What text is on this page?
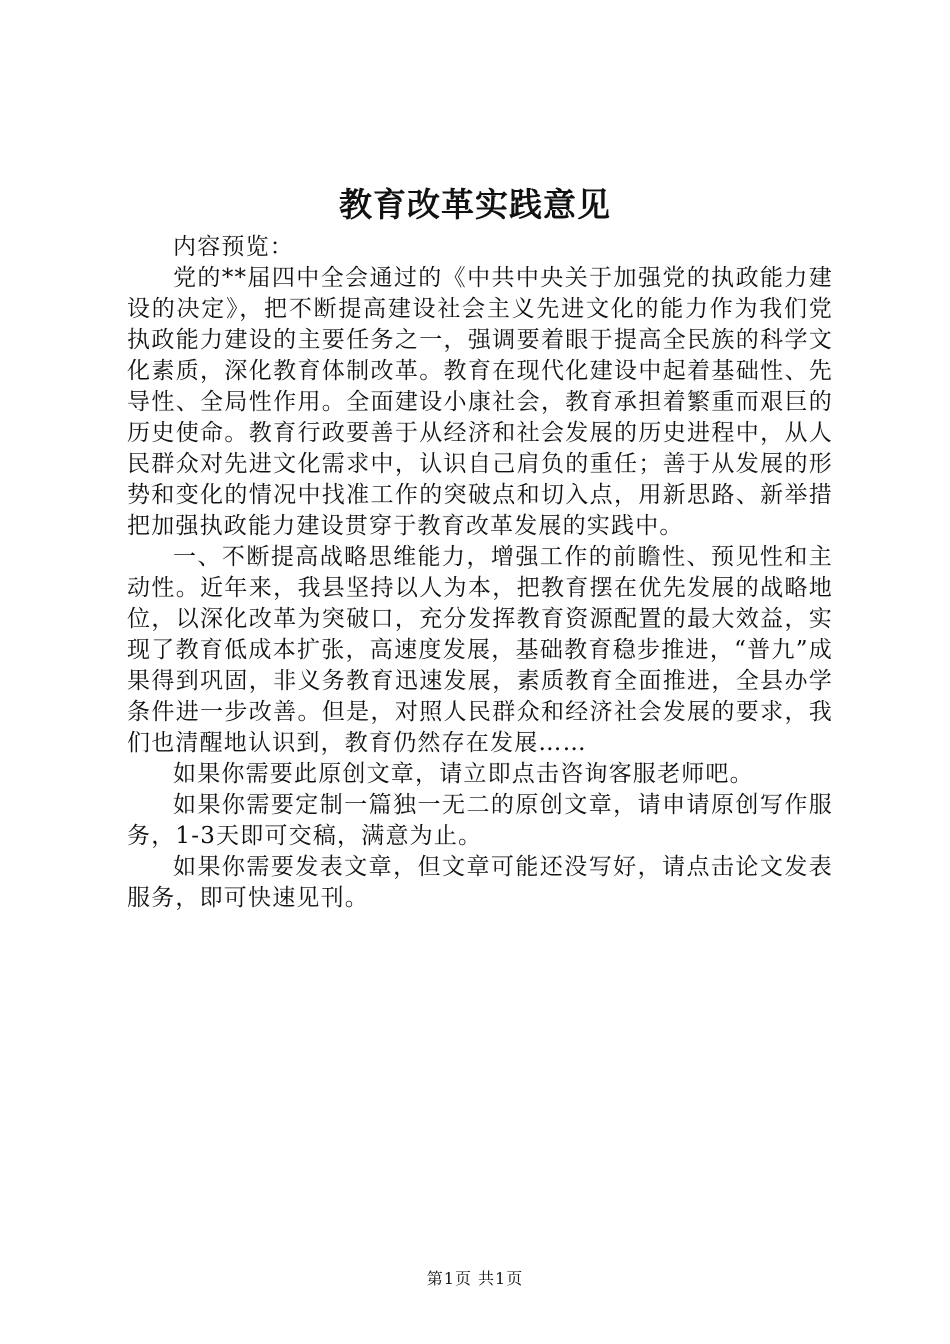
教育改革实践意见

内容预览：

党的**届四中全会通过的《中共中央关于加强党的执政能力建设的决定》，把不断提高建设社会主义先进文化的能力作为我们党执政能力建设的主要任务之一，强调要着眼于提高全民族的科学文化素质，深化教育体制改革。教育在现代化建设中起着基础性、先导性、全局性作用。全面建设小康社会，教育承担着繁重而艰巨的历史使命。教育行政要善于从经济和社会发展的历史进程中，从人民群众对先进文化需求中，认识自己肩负的重任；善于从发展的形势和变化的情况中找准工作的突破点和切入点，用新思路、新举措把加强执政能力建设贯穿于教育改革发展的实践中。

一、不断提高战略思维能力，增强工作的前瞻性、预见性和主动性。近年来，我县坚持以人为本，把教育摆在优先发展的战略地位，以深化改革为突破口，充分发挥教育资源配置的最大效益，实现了教育低成本扩张，高速度发展，基础教育稳步推进，“普九”成果得到巩固，非义务教育迅速发展，素质教育全面推进，全县办学条件进一步改善。但是，对照人民群众和经济社会发展的要求，我们也清醒地认识到，教育仍然存在发展……

如果你需要此原创文章，请立即点击咨询客服老师吧。

如果你需要定制一篇独一无二的原创文章，请申请原创写作服务，1-3天即可交稿，满意为止。

如果你需要发表文章，但文章可能还没写好，请点击论文发表服务，即可快速见刊。

第1页 共1页
